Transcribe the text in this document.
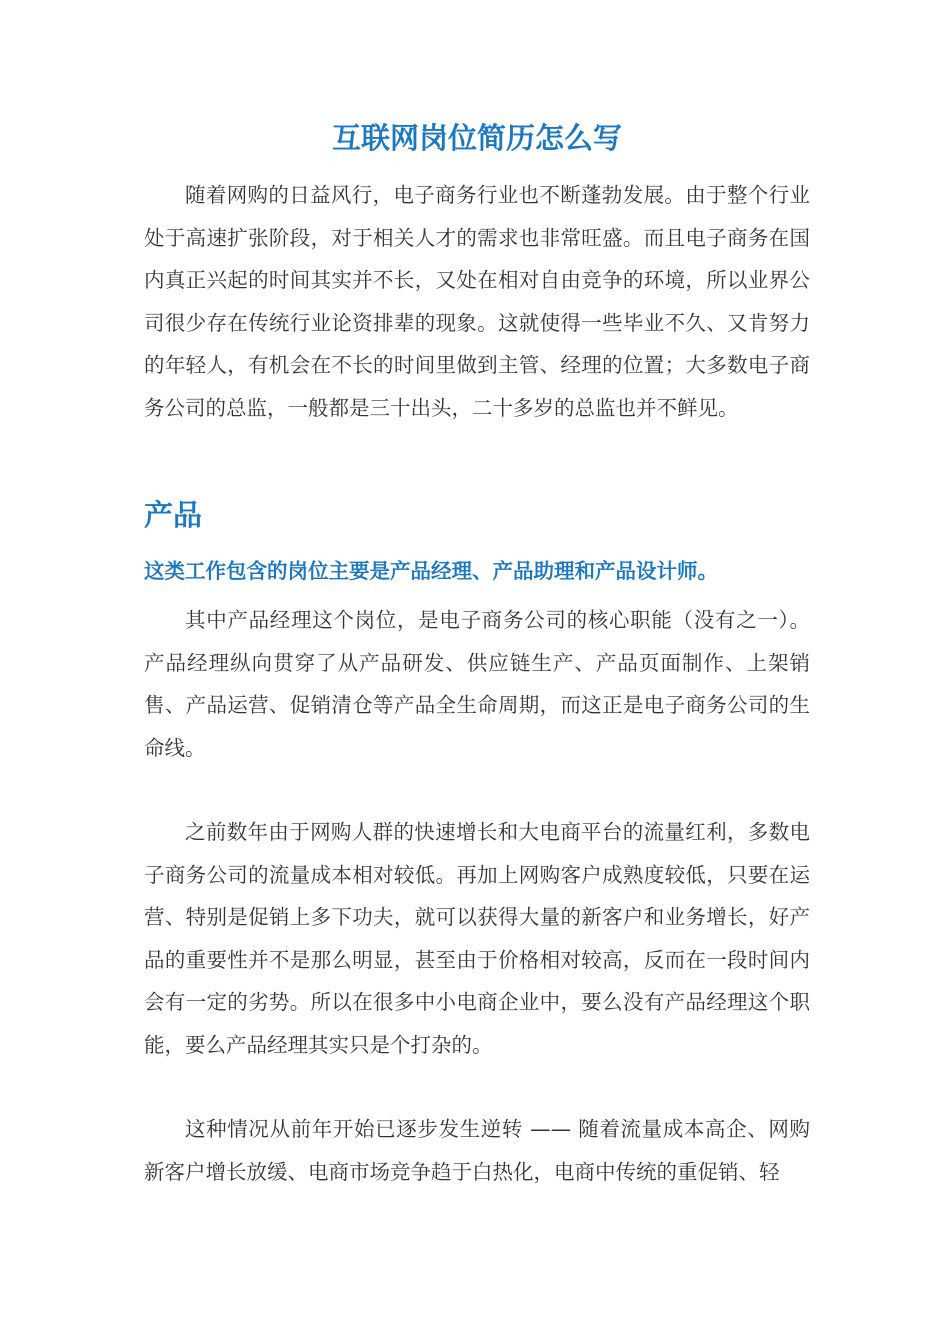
互联网岗位简历怎么写

随着网购的日益风行，电子商务行业也不断蓬勃发展。由于整个行业处于高速扩张阶段，对于相关人才的需求也非常旺盛。而且电子商务在国内真正兴起的时间其实并不长，又处在相对自由竞争的环境，所以业界公司很少存在传统行业论资排辈的现象。这就使得一些毕业不久、又肯努力的年轻人，有机会在不长的时间里做到主管、经理的位置；大多数电子商务公司的总监，一般都是三十出头，二十多岁的总监也并不鲜见。

产品
这类工作包含的岗位主要是产品经理、产品助理和产品设计师。

其中产品经理这个岗位，是电子商务公司的核心职能（没有之一）。产品经理纵向贯穿了从产品研发、供应链生产、产品页面制作、上架销售、产品运营、促销清仓等产品全生命周期，而这正是电子商务公司的生命线。

之前数年由于网购人群的快速增长和大电商平台的流量红利，多数电子商务公司的流量成本相对较低。再加上网购客户成熟度较低，只要在运营、特别是促销上多下功夫，就可以获得大量的新客户和业务增长，好产品的重要性并不是那么明显，甚至由于价格相对较高，反而在一段时间内会有一定的劣势。所以在很多中小电商企业中，要么没有产品经理这个职能，要么产品经理其实只是个打杂的。

这种情况从前年开始已逐步发生逆转 —— 随着流量成本高企、网购新客户增长放缓、电商市场竞争趋于白热化，电商中传统的重促销、轻
